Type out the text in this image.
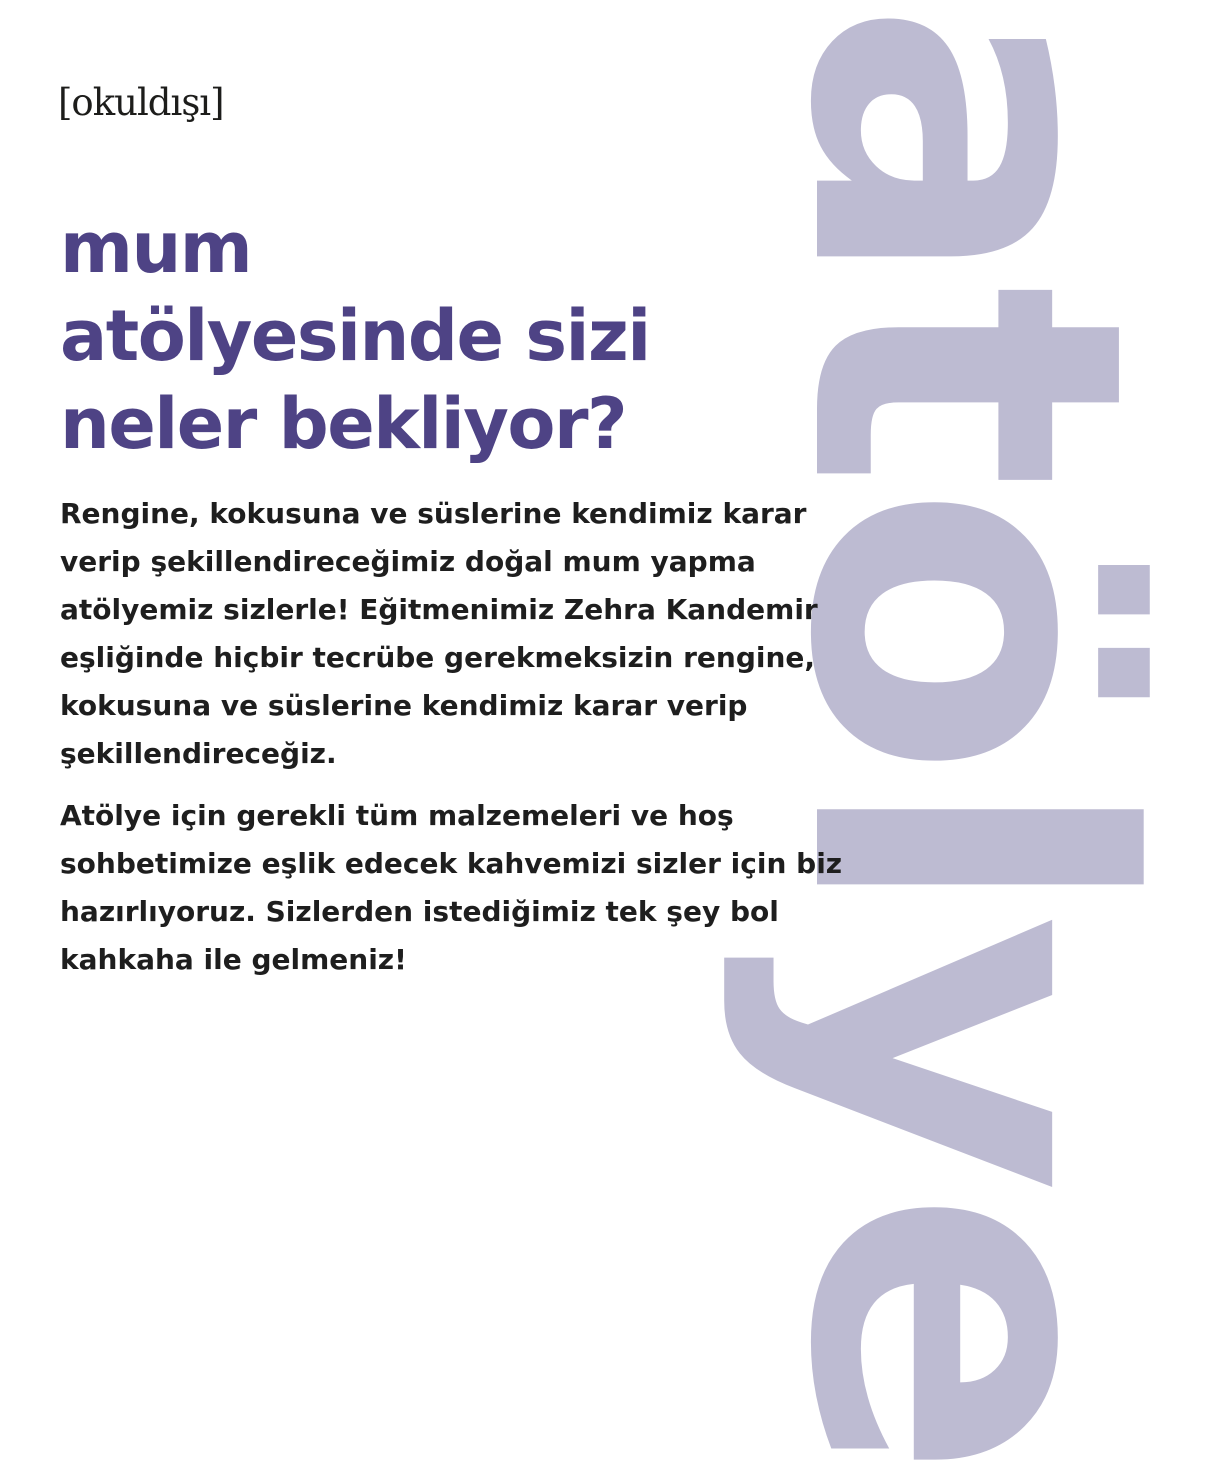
atölye
[okuldışı]
mum
atölyesinde sizi
neler bekliyor?

Rengine, kokusuna ve süslerine kendimiz karar
verip şekillendireceğimiz doğal mum yapma
atölyemiz sizlerle! Eğitmenimiz Zehra Kandemir
eşliğinde hiçbir tecrübe gerekmeksizin rengine,
kokusuna ve süslerine kendimiz karar verip
şekillendireceğiz.

Atölye için gerekli tüm malzemeleri ve hoş
sohbetimize eşlik edecek kahvemizi sizler için biz
hazırlıyoruz. Sizlerden istediğimiz tek şey bol
kahkaha ile gelmeniz!
